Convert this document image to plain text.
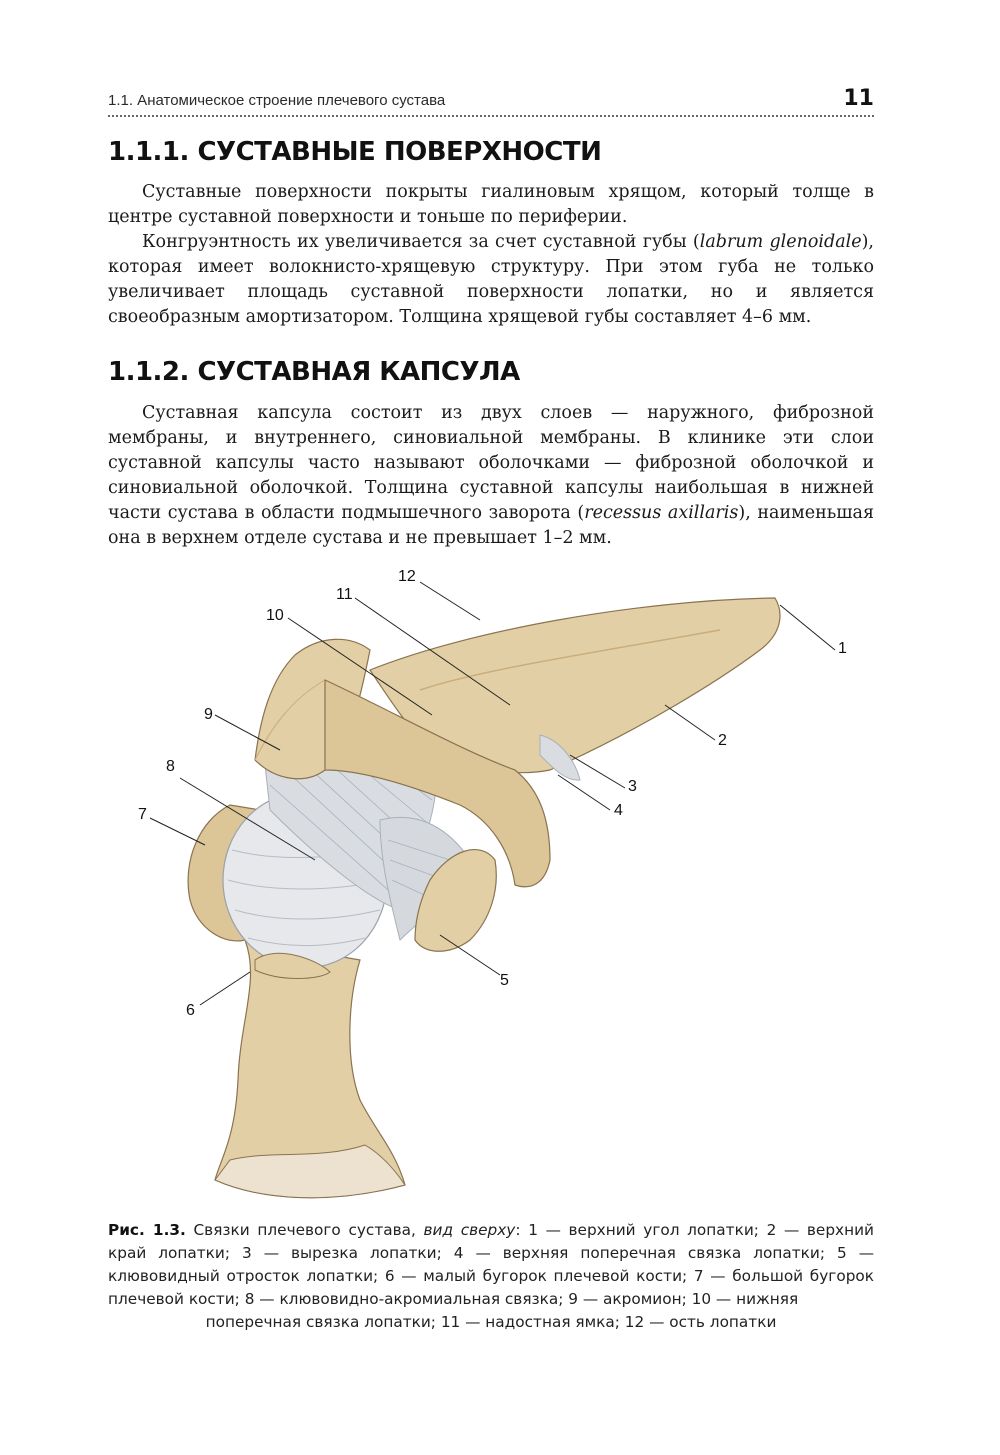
1.1. Анатомическое строение плечевого сустава	11
1.1.1. СУСТАВНЫЕ ПОВЕРХНОСТИ

Суставные поверхности покрыты гиалиновым хрящом, который толще в центре суставной поверхности и тоньше по периферии.

Конгруэнтность их увеличивается за счет суставной губы (labrum glenoidale), которая имеет волокнисто-хрящевую структуру. При этом губа не только увеличивает площадь суставной поверхности лопатки, но и является своеобразным амортизатором. Толщина хрящевой губы составляет 4–6 мм.

1.1.2. СУСТАВНАЯ КАПСУЛА

Суставная капсула состоит из двух слоев — наружного, фиброзной мембраны, и внутреннего, синовиальной мембраны. В клинике эти слои суставной капсулы часто называют оболочками — фиброзной оболочкой и синовиальной оболочкой. Толщина суставной капсулы наибольшая в нижней части сустава в области подмышечного заворота (recessus axillaris), наименьшая она в верхнем отделе сустава и не превышает 1–2 мм.

1
2
3
4
5
6
7
8
9
10
11
12

Рис. 1.3. Связки плечевого сустава, вид сверху: 1 — верхний угол лопатки; 2 — верхний край лопатки; 3 — вырезка лопатки; 4 — верхняя поперечная связка лопатки; 5 — клювовидный отросток лопатки; 6 — малый бугорок плечевой кости; 7 — большой бугорок плечевой кости; 8 — клювовидно-акромиальная связка; 9 — акромион; 10 — нижняя
поперечная связка лопатки; 11 — надостная ямка; 12 — ость лопатки
